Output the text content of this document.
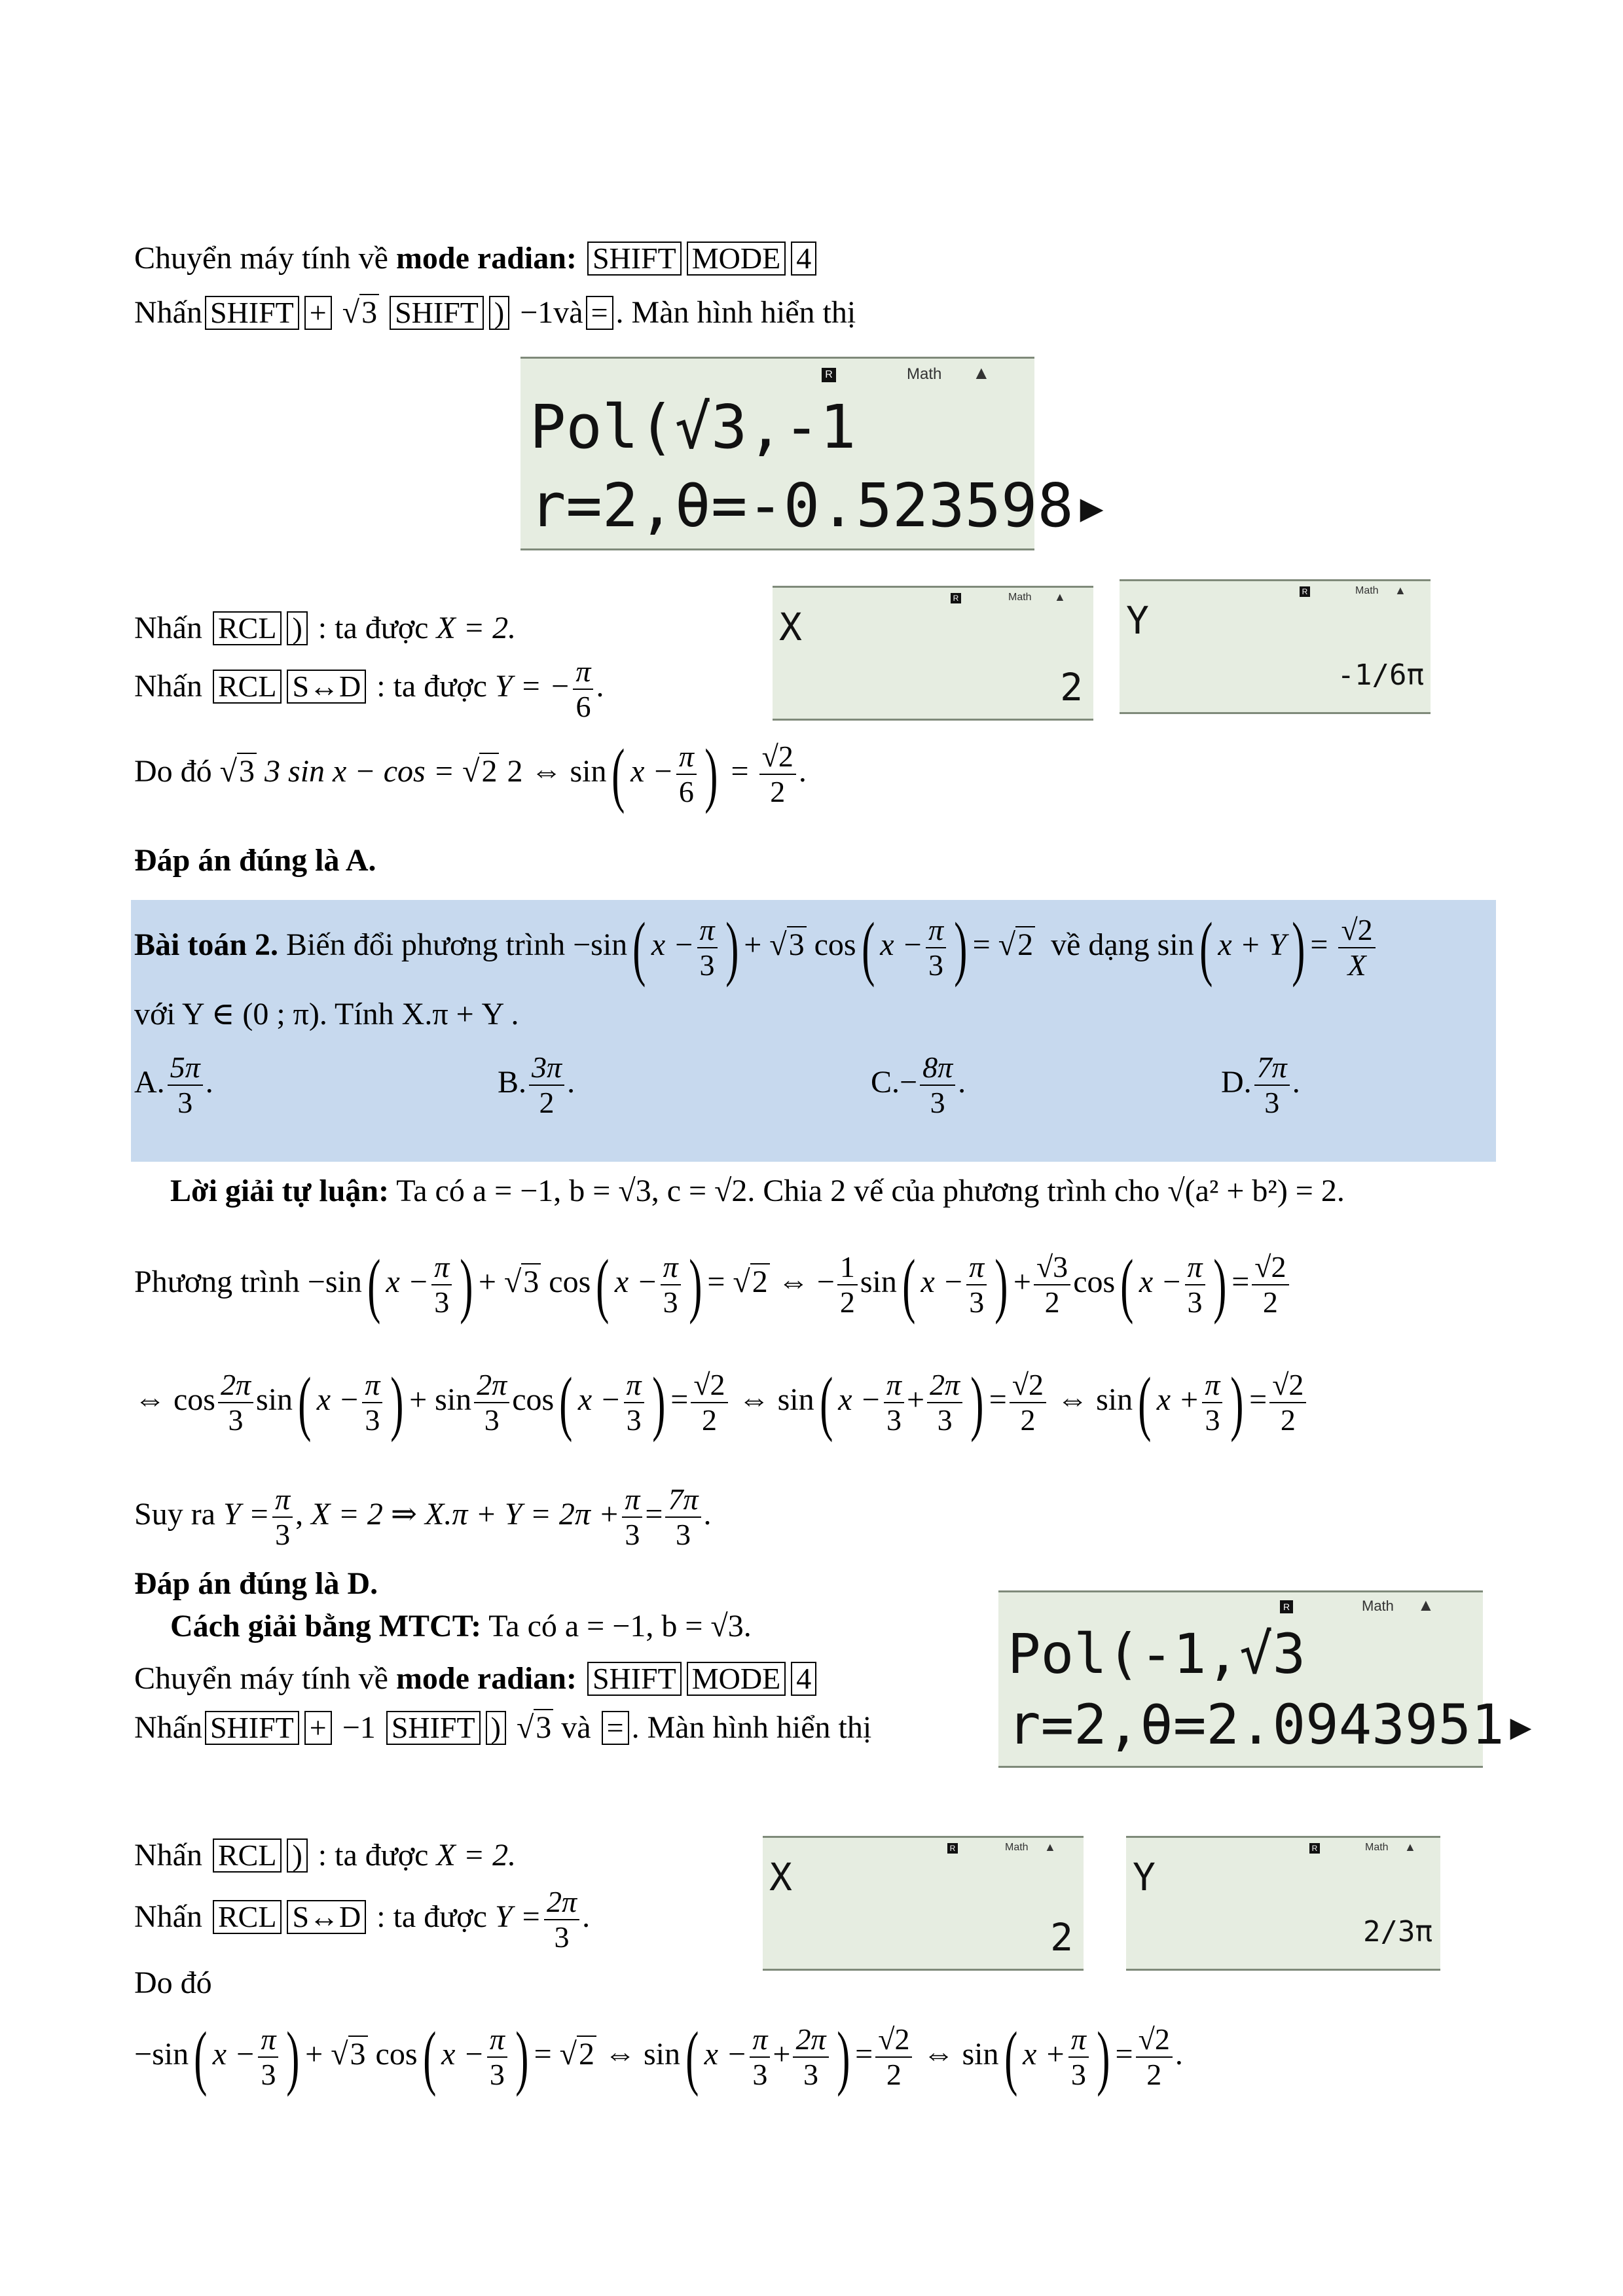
Chuyển máy tính về mode radian: SHIFT MODE 4
Nhấn SHIFT + √3 SHIFT ) −1và = . Màn hình hiển thị
R	Math ▲
Pol(√3,-1
r=2,θ=-0.523598▸
Nhấn RCL ) : ta được X = 2.
Nhấn RCL S↔D : ta được Y = − $\frac{\pi}{6}$ .
R	Math ▲
X
2
R	Math ▲
Y
-1/6π
Do đó √3 3 sin x − cos = √2 2 ⇔ sin( $x - \frac{\pi}{6}$ ) = $\frac{√2}{2}$ .
Đáp án đúng là A.
Bài toán 2. Biến đổi phương trình −sin( $x - \frac{\pi}{3}$ ) + √3 cos( $x - \frac{\pi}{3}$ ) = √2 về dạng sin( $x + Y) = \frac{√2}{X}$
với Y ∈ (0 ; π). Tính X.π + Y .
A. $\frac{5\pi}{3}$ .	B. $\frac{3\pi}{2}$ .	$C.- \frac{8\pi}{3}$ .	D. $\frac{7\pi}{3}$ .
Lời giải tự luận: Ta có a = −1, b = √3, c = √2. Chia 2 vế của phương trình cho √(a² + b²) = 2.
Phương trình −sin( $x - \frac{\pi}{3}$ ) + √3 cos( $x - \frac{\pi}{3}$ ) = √2 ⇔ − $\frac{1}{2} \sin$( $x - \frac{\pi}{3}$ ) + $\frac{√3}{2} \cos$( $x - \frac{\pi}{3}$ ) = $\frac{√2}{2}$
⇔ $\cos \frac{2\pi}{3} \sin$( $x - \frac{\pi}{3}$ ) + $\sin \frac{2\pi}{3} \cos$( $x - \frac{\pi}{3}$ ) = $\frac{√2}{2}$ ⇔ sin( $x - \frac{\pi}{3} + \frac{2\pi}{3}$ ) = $\frac{√2}{2}$ ⇔ sin( $x + \frac{\pi}{3}$ ) = $\frac{√2}{2}$
Suy ra $Y = \frac{\pi}{3}$ , X = 2 ⇒ $X.\pi + Y = 2\pi + \frac{\pi}{3} = \frac{7\pi}{3}$ .
Đáp án đúng là D.
Cách giải bằng MTCT: Ta có a = −1, b = √3.
Chuyển máy tính về mode radian: SHIFT MODE 4
Nhấn SHIFT + −1 SHIFT ) √3 và = . Màn hình hiển thị
R	Math ▲
Pol(-1,√3
r=2,θ=2.0943951▸
Nhấn RCL ) : ta được X = 2.
Nhấn RCL S↔D : ta được $Y = \frac{2\pi}{3}$ .
R	Math ▲
X
2
R	Math ▲
Y
2/3π
Do đó
−sin( $x - \frac{\pi}{3}$ ) + √3 cos( $x - \frac{\pi}{3}$ ) = √2 ⇔ sin( $x - \frac{\pi}{3} + \frac{2\pi}{3}$ ) = $\frac{√2}{2}$ ⇔ sin( $x + \frac{\pi}{3}$ ) = $\frac{√2}{2}$ .
